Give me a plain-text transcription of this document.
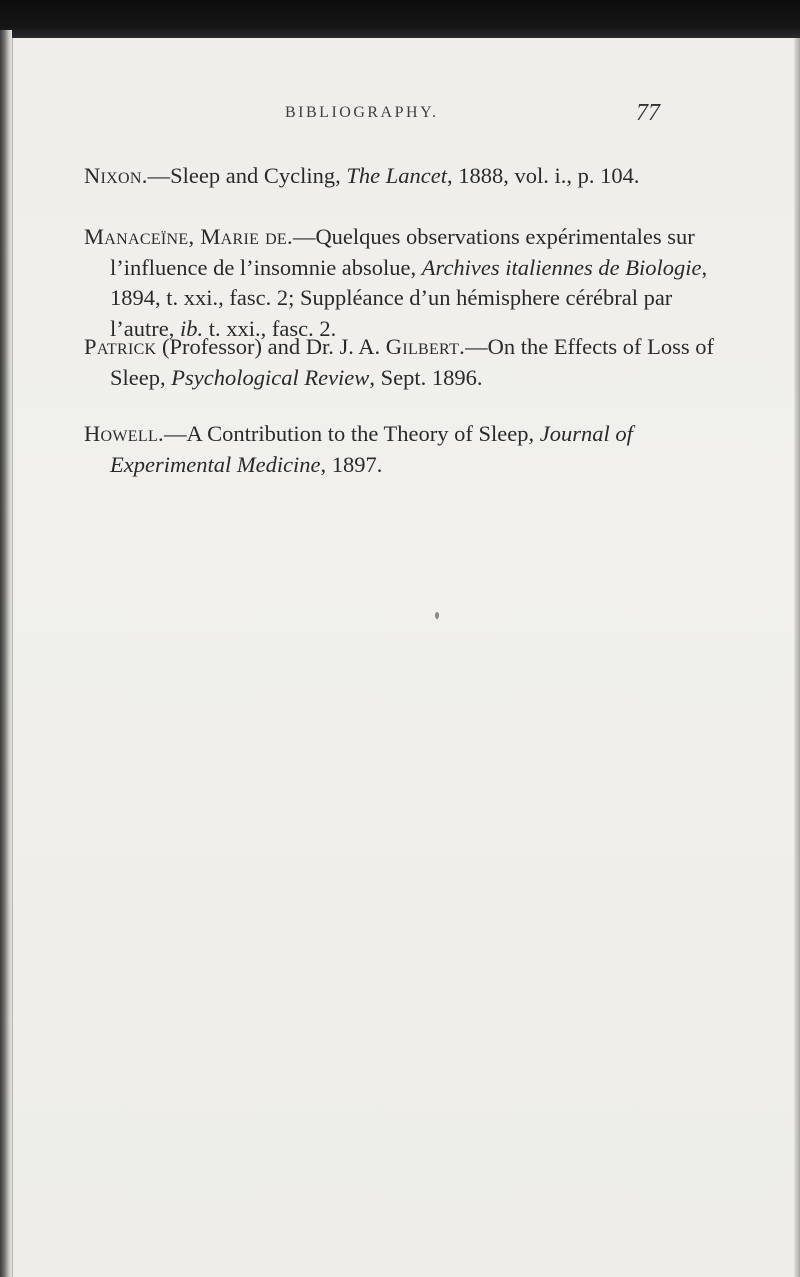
BIBLIOGRAPHY.	77
Nixon.—Sleep and Cycling, The Lancet, 1888, vol. i., p. 104.
Manaceïne, Marie de.—Quelques observations expérimentales sur l’influence de l’insomnie absolue, Archives italiennes de Biologie, 1894, t. xxi., fasc. 2; Suppléance d’un hémisphere cérébral par l’autre, ib. t. xxi., fasc. 2.
Patrick (Professor) and Dr. J. A. Gilbert.—On the Effects of Loss of Sleep, Psychological Review, Sept. 1896.
Howell.—A Contribution to the Theory of Sleep, Journal of Experimental Medicine, 1897.
